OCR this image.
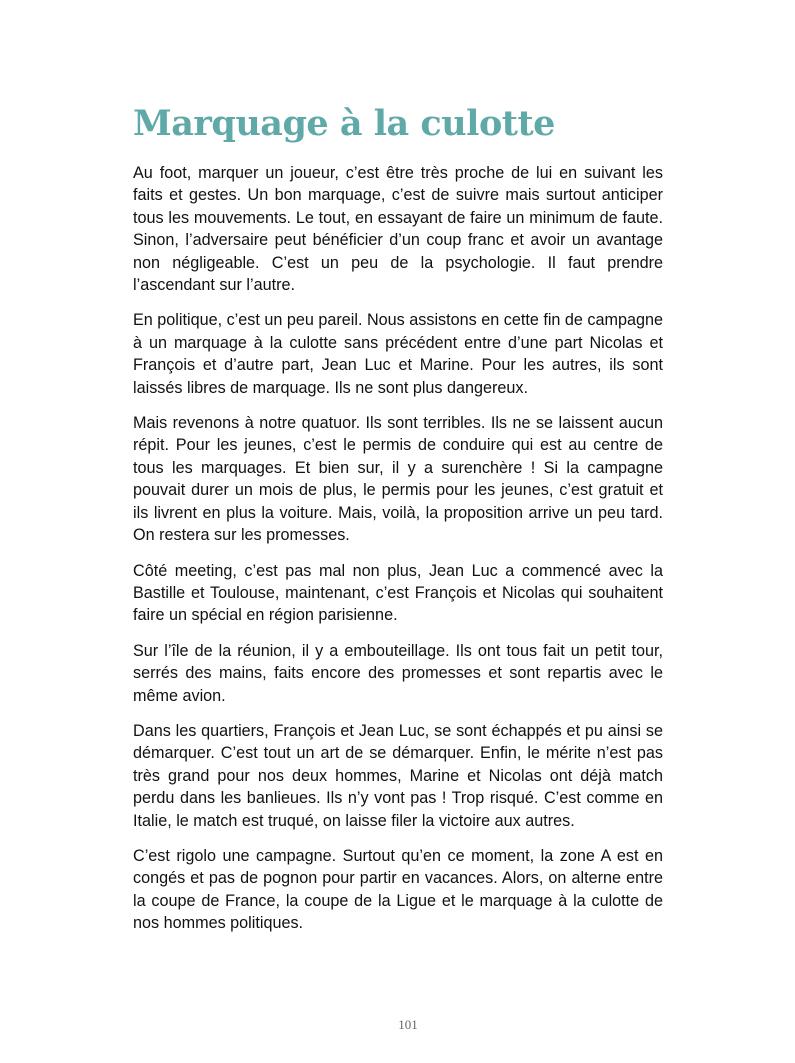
Marquage à la culotte

Au foot, marquer un joueur, c’est être très proche de lui en suivant les faits et gestes. Un bon marquage, c’est de suivre mais surtout anticiper tous les mouvements. Le tout, en essayant de faire un minimum de faute. Sinon, l’adversaire peut bénéficier d’un coup franc et avoir un avantage non négligeable. C’est un peu de la psychologie. Il faut prendre l’ascendant sur l’autre.

En politique, c’est un peu pareil. Nous assistons en cette fin de campagne à un marquage à la culotte sans précédent entre d’une part Nicolas et François et d’autre part, Jean Luc et Marine. Pour les autres, ils sont laissés libres de marquage. Ils ne sont plus dangereux.

Mais revenons à notre quatuor. Ils sont terribles. Ils ne se laissent aucun répit. Pour les jeunes, c’est le permis de conduire qui est au centre de tous les marquages. Et bien sur, il y a surenchère ! Si la campagne pouvait durer un mois de plus, le permis pour les jeunes, c’est gratuit et ils livrent en plus la voiture. Mais, voilà, la proposition arrive un peu tard. On restera sur les promesses.

Côté meeting, c’est pas mal non plus, Jean Luc a commencé avec la Bastille et Toulouse, maintenant, c’est François et Nicolas qui souhaitent faire un spécial en région parisienne.

Sur l’île de la réunion, il y a embouteillage. Ils ont tous fait un petit tour, serrés des mains, faits encore des promesses et sont repartis avec le même avion.

Dans les quartiers, François et Jean Luc, se sont échappés et pu ainsi se démarquer. C’est tout un art de se démarquer. Enfin, le mérite n’est pas très grand pour nos deux hommes, Marine et Nicolas ont déjà match perdu dans les banlieues. Ils n’y vont pas ! Trop risqué. C’est comme en Italie, le match est truqué, on laisse filer la victoire aux autres.

C’est rigolo une campagne. Surtout qu’en ce moment, la zone A est en congés et pas de pognon pour partir en vacances. Alors, on alterne entre la coupe de France, la coupe de la Ligue et le marquage à la culotte de nos hommes politiques.

101
